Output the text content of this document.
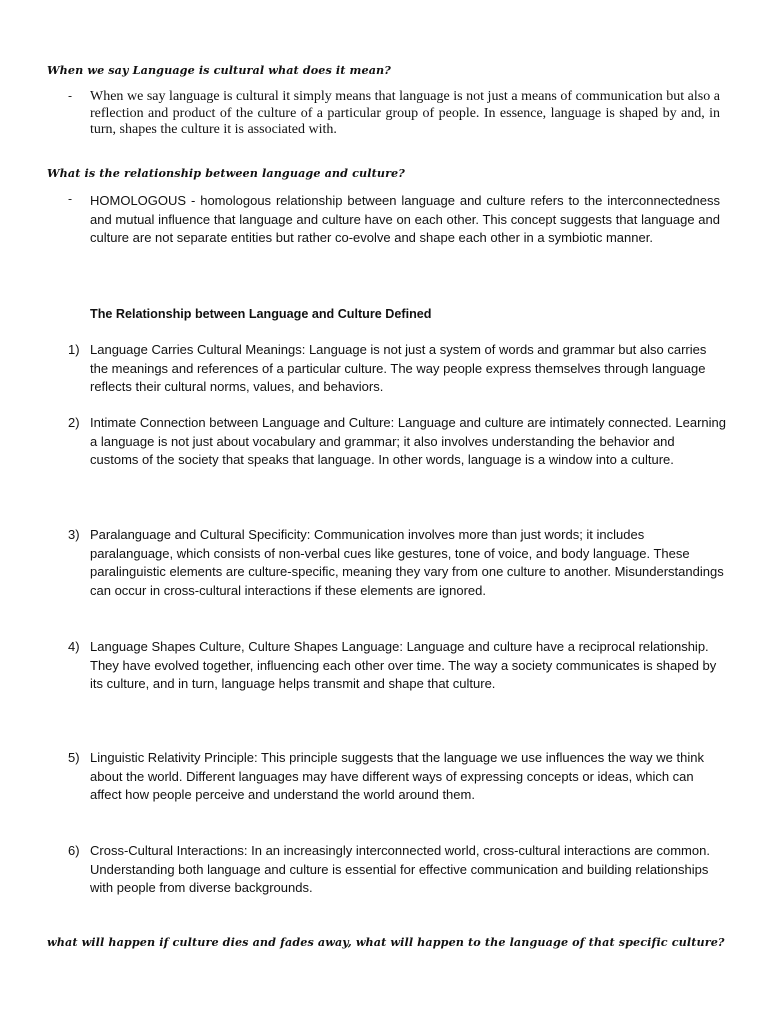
When we say Language is cultural what does it mean?
- When we say language is cultural it simply means that language is not just a means of communication but also a reflection and product of the culture of a particular group of people. In essence, language is shaped by and, in turn, shapes the culture it is associated with.
What is the relationship between language and culture?
- HOMOLOGOUS - homologous relationship between language and culture refers to the interconnectedness and mutual influence that language and culture have on each other. This concept suggests that language and culture are not separate entities but rather co-evolve and shape each other in a symbiotic manner.
The Relationship between Language and Culture Defined
1) Language Carries Cultural Meanings: Language is not just a system of words and grammar but also carries the meanings and references of a particular culture. The way people express themselves through language reflects their cultural norms, values, and behaviors.
2) Intimate Connection between Language and Culture: Language and culture are intimately connected. Learning a language is not just about vocabulary and grammar; it also involves understanding the behavior and customs of the society that speaks that language. In other words, language is a window into a culture.
3) Paralanguage and Cultural Specificity: Communication involves more than just words; it includes paralanguage, which consists of non-verbal cues like gestures, tone of voice, and body language. These paralinguistic elements are culture-specific, meaning they vary from one culture to another. Misunderstandings can occur in cross-cultural interactions if these elements are ignored.
4) Language Shapes Culture, Culture Shapes Language: Language and culture have a reciprocal relationship. They have evolved together, influencing each other over time. The way a society communicates is shaped by its culture, and in turn, language helps transmit and shape that culture.
5) Linguistic Relativity Principle: This principle suggests that the language we use influences the way we think about the world. Different languages may have different ways of expressing concepts or ideas, which can affect how people perceive and understand the world around them.
6) Cross-Cultural Interactions: In an increasingly interconnected world, cross-cultural interactions are common. Understanding both language and culture is essential for effective communication and building relationships with people from diverse backgrounds.
what will happen if culture dies and fades away, what will happen to the language of that specific culture?
